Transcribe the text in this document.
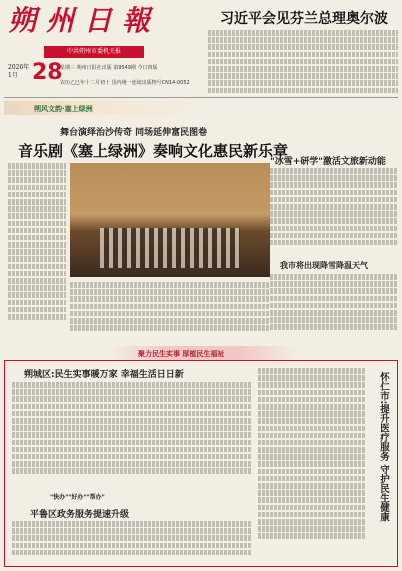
朔州日報
中共朔州市委机关报
2026年1月 28
星期三 朔州日报社出版 第9549期 今日四版
农历乙巳年十二月初十 国内统一连续出版物号CN14-0052
习近平会见芬兰总理奥尔波
朔风文韵·塞上绿洲
舞台演绎治沙传奇 同场延伸富民图卷
音乐剧《塞上绿洲》奏响文化惠民新乐章
"冰雪+研学"激活文旅新动能
我市将出现降雪降温天气
聚力民生实事 厚植民生福祉
朔城区:民生实事暖万家 幸福生活日日新
"快办""好办""帮办"
平鲁区政务服务提速升级	怀仁市:提升医疗服务 守护民生健康
